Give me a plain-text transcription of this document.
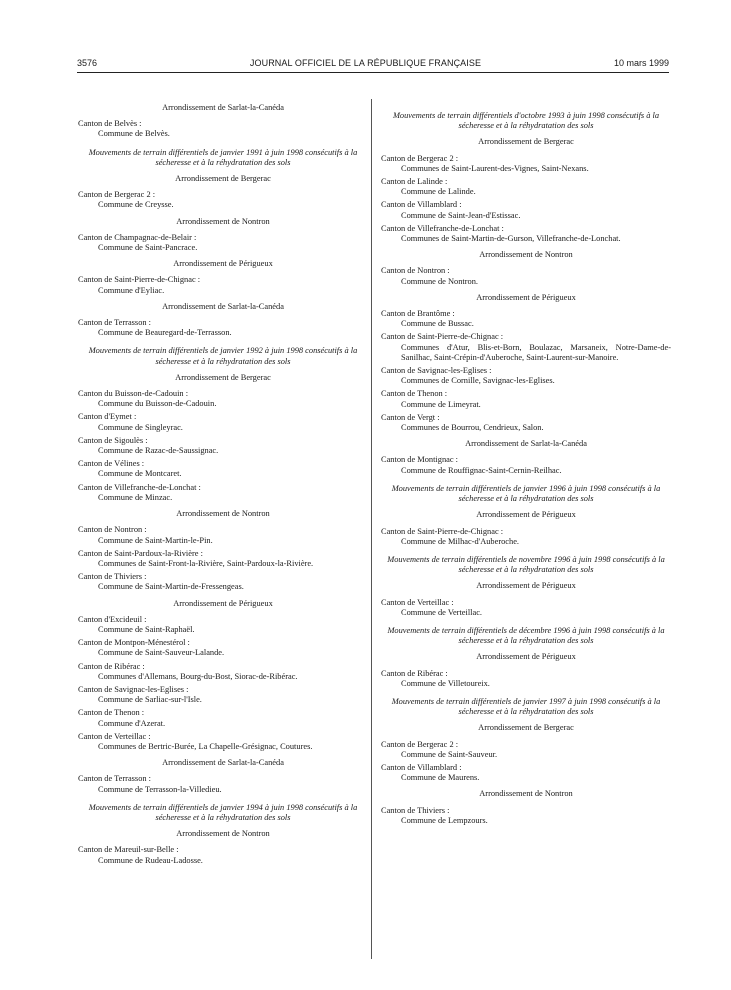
3576	JOURNAL OFFICIEL DE LA RÉPUBLIQUE FRANÇAISE	10 mars 1999
Arrondissement de Sarlat-la-Canéda
Canton de Belvès :
Commune de Belvès.
Mouvements de terrain différentiels de janvier 1991 à juin 1998 consécutifs à la sécheresse et à la réhydratation des sols
Arrondissement de Bergerac
Canton de Bergerac 2 :
Commune de Creysse.
Arrondissement de Nontron
Canton de Champagnac-de-Belair :
Commune de Saint-Pancrace.
Arrondissement de Périgueux
Canton de Saint-Pierre-de-Chignac :
Commune d'Eyliac.
Arrondissement de Sarlat-la-Canéda
Canton de Terrasson :
Commune de Beauregard-de-Terrasson.
Mouvements de terrain différentiels de janvier 1992 à juin 1998 consécutifs à la sécheresse et à la réhydratation des sols
Arrondissement de Bergerac
Canton du Buisson-de-Cadouin :
Commune du Buisson-de-Cadouin.
Canton d'Eymet :
Commune de Singleyrac.
Canton de Sigoulès :
Commune de Razac-de-Saussignac.
Canton de Vélines :
Commune de Montcaret.
Canton de Villefranche-de-Lonchat :
Commune de Minzac.
Arrondissement de Nontron
Canton de Nontron :
Commune de Saint-Martin-le-Pin.
Canton de Saint-Pardoux-la-Rivière :
Communes de Saint-Front-la-Rivière, Saint-Pardoux-la-Rivière.
Canton de Thiviers :
Commune de Saint-Martin-de-Fressengeas.
Arrondissement de Périgueux
Canton d'Excideuil :
Commune de Saint-Raphaël.
Canton de Montpon-Ménestérol :
Commune de Saint-Sauveur-Lalande.
Canton de Ribérac :
Communes d'Allemans, Bourg-du-Bost, Siorac-de-Ribérac.
Canton de Savignac-les-Eglises :
Commune de Sarliac-sur-l'Isle.
Canton de Thenon :
Commune d'Azerat.
Canton de Verteillac :
Communes de Bertric-Burée, La Chapelle-Grésignac, Coutures.
Arrondissement de Sarlat-la-Canéda
Canton de Terrasson :
Commune de Terrasson-la-Villedieu.
Mouvements de terrain différentiels de janvier 1994 à juin 1998 consécutifs à la sécheresse et à la réhydratation des sols
Arrondissement de Nontron
Canton de Mareuil-sur-Belle :
Commune de Rudeau-Ladosse.
Mouvements de terrain différentiels d'octobre 1993 à juin 1998 consécutifs à la sécheresse et à la réhydratation des sols
Arrondissement de Bergerac
Canton de Bergerac 2 :
Communes de Saint-Laurent-des-Vignes, Saint-Nexans.
Canton de Lalinde :
Commune de Lalinde.
Canton de Villamblard :
Commune de Saint-Jean-d'Estissac.
Canton de Villefranche-de-Lonchat :
Communes de Saint-Martin-de-Gurson, Villefranche-de-Lonchat.
Arrondissement de Nontron
Canton de Nontron :
Commune de Nontron.
Arrondissement de Périgueux
Canton de Brantôme :
Commune de Bussac.
Canton de Saint-Pierre-de-Chignac :
Communes d'Atur, Blis-et-Born, Boulazac, Marsaneix, Notre-Dame-de-Sanilhac, Saint-Crépin-d'Auberoche, Saint-Laurent-sur-Manoire.
Canton de Savignac-les-Eglises :
Communes de Cornille, Savignac-les-Eglises.
Canton de Thenon :
Commune de Limeyrat.
Canton de Vergt :
Communes de Bourrou, Cendrieux, Salon.
Arrondissement de Sarlat-la-Canéda
Canton de Montignac :
Commune de Rouffignac-Saint-Cernin-Reilhac.
Mouvements de terrain différentiels de janvier 1996 à juin 1998 consécutifs à la sécheresse et à la réhydratation des sols
Arrondissement de Périgueux
Canton de Saint-Pierre-de-Chignac :
Commune de Milhac-d'Auberoche.
Mouvements de terrain différentiels de novembre 1996 à juin 1998 consécutifs à la sécheresse et à la réhydratation des sols
Arrondissement de Périgueux
Canton de Verteillac :
Commune de Verteillac.
Mouvements de terrain différentiels de décembre 1996 à juin 1998 consécutifs à la sécheresse et à la réhydratation des sols
Arrondissement de Périgueux
Canton de Ribérac :
Commune de Villetoureix.
Mouvements de terrain différentiels de janvier 1997 à juin 1998 consécutifs à la sécheresse et à la réhydratation des sols
Arrondissement de Bergerac
Canton de Bergerac 2 :
Commune de Saint-Sauveur.
Canton de Villamblard :
Commune de Maurens.
Arrondissement de Nontron
Canton de Thiviers :
Commune de Lempzours.
